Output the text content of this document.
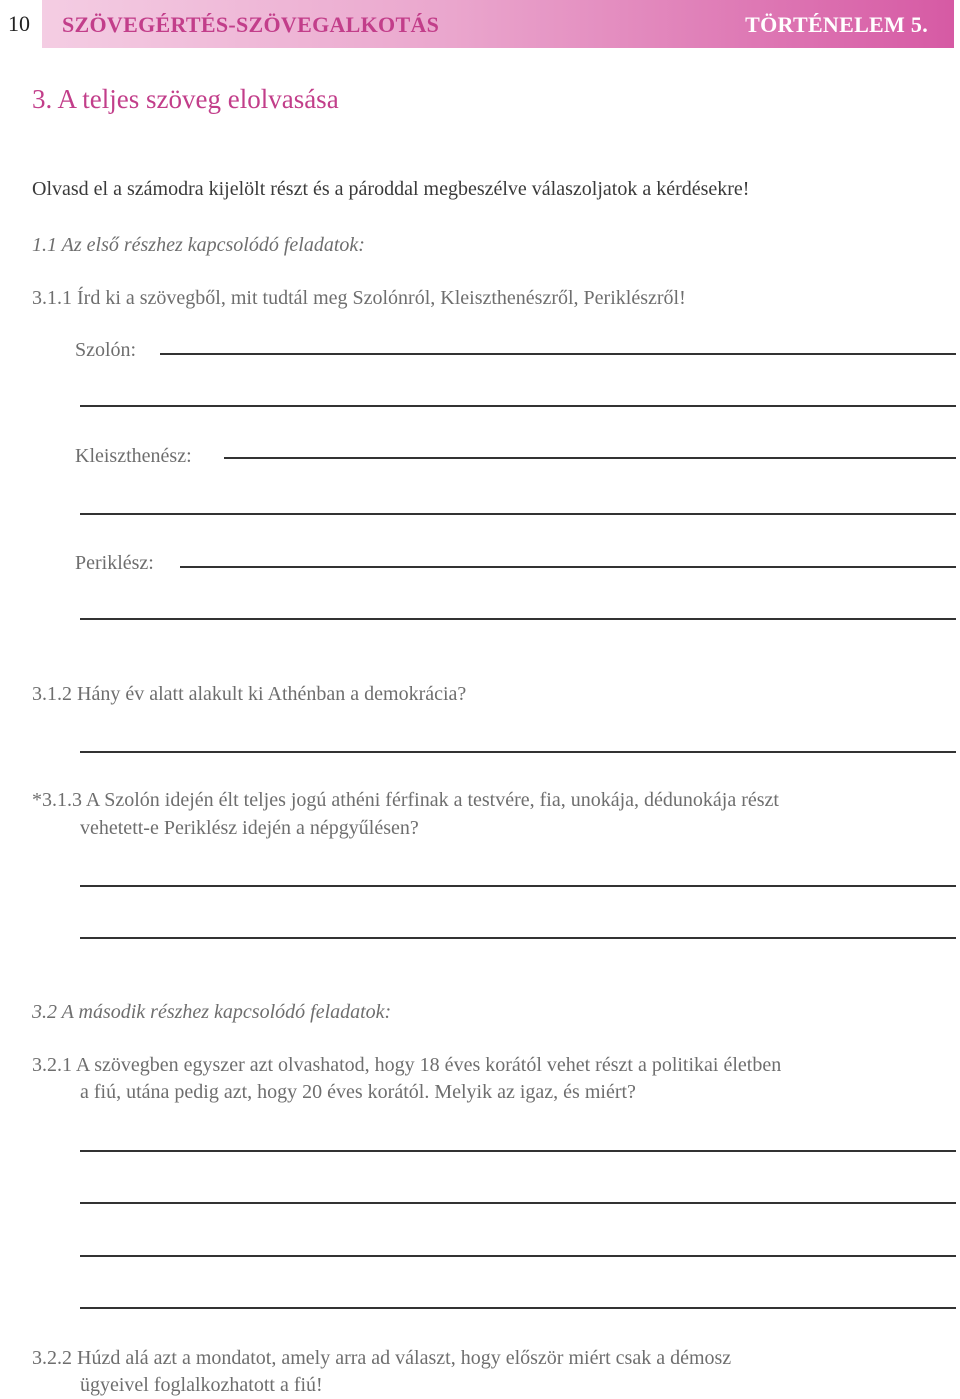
10	SZÖVEGÉRTÉS-SZÖVEGALKOTÁS	TÖRTÉNELEM 5.
3. A teljes szöveg elolvasása
Olvasd el a számodra kijelölt részt és a pároddal megbeszélve válaszoljatok a kérdésekre!
1.1 Az első részhez kapcsolódó feladatok:
3.1.1 Írd ki a szövegből, mit tudtál meg Szolónról, Kleiszthenészről, Periklészről!
Szolón:
Kleiszthenész:
Periklész:
3.1.2 Hány év alatt alakult ki Athénban a demokrácia?
*3.1.3 A Szolón idején élt teljes jogú athéni férfinak a testvére, fia, unokája, dédunokája részt
vehetett-e Periklész idején a népgyűlésen?
3.2 A második részhez kapcsolódó feladatok:
3.2.1 A szövegben egyszer azt olvashatod, hogy 18 éves korától vehet részt a politikai életben
a fiú, utána pedig azt, hogy 20 éves korától. Melyik az igaz, és miért?
3.2.2 Húzd alá azt a mondatot, amely arra ad választ, hogy először miért csak a démosz
ügyeivel foglalkozhatott a fiú!
